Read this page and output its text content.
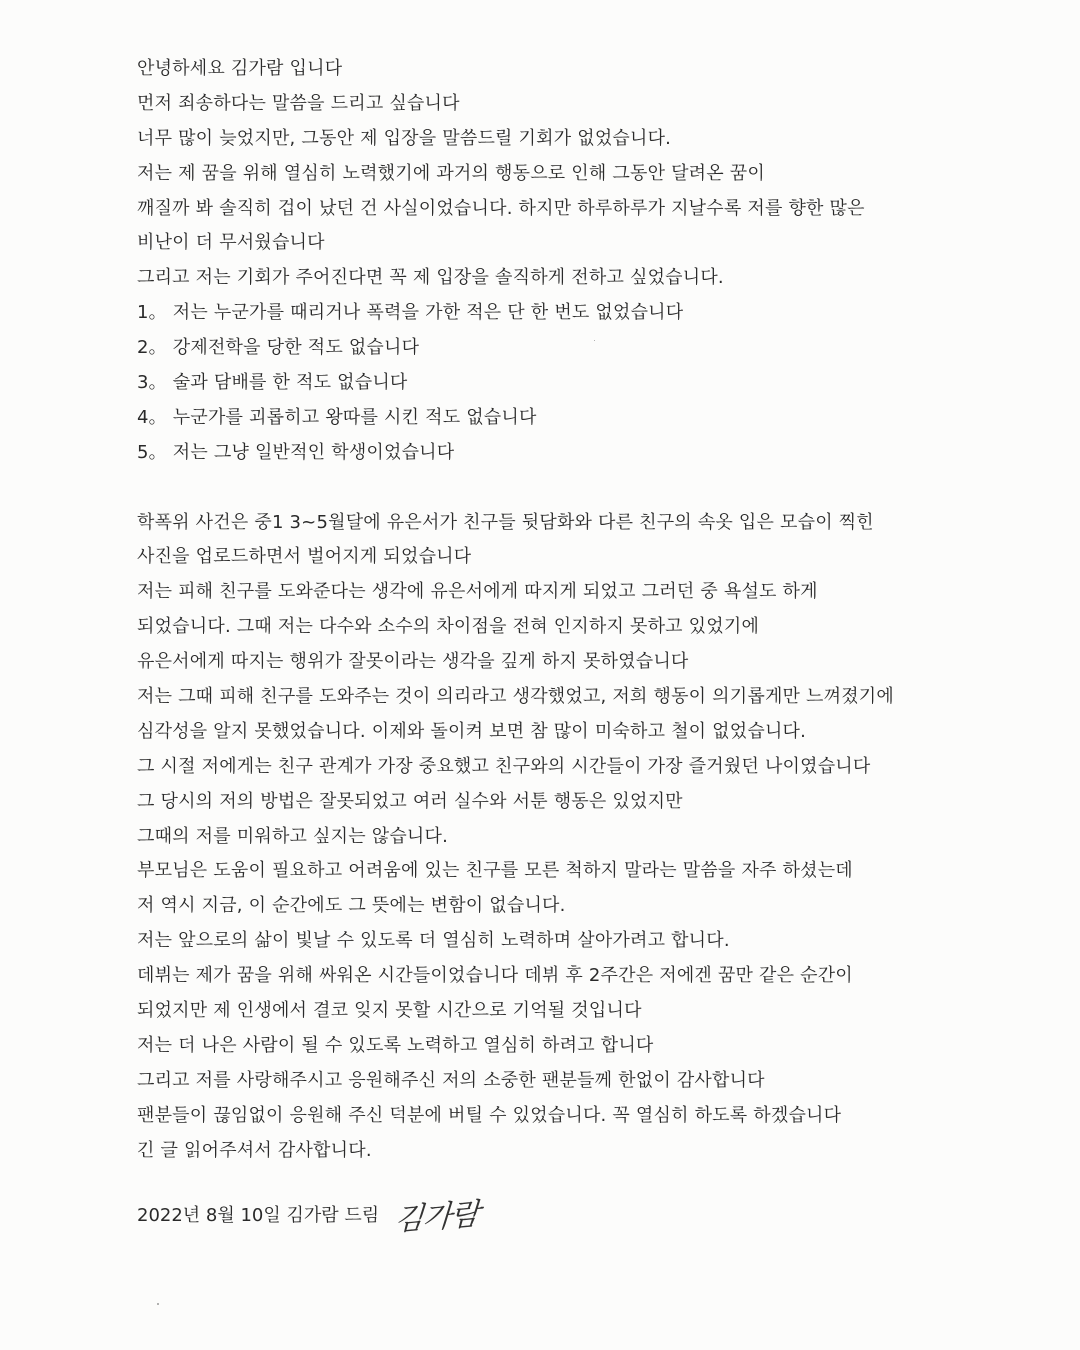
안녕하세요 김가람 입니다
먼저 죄송하다는 말씀을 드리고 싶습니다
너무 많이 늦었지만, 그동안 제 입장을 말씀드릴 기회가 없었습니다.
저는 제 꿈을 위해 열심히 노력했기에 과거의 행동으로 인해 그동안 달려온 꿈이
깨질까 봐 솔직히 겁이 났던 건 사실이었습니다. 하지만 하루하루가 지날수록 저를 향한 많은
비난이 더 무서웠습니다
그리고 저는 기회가 주어진다면 꼭 제 입장을 솔직하게 전하고 싶었습니다.
1。 저는 누군가를 때리거나 폭력을 가한 적은 단 한 번도 없었습니다
2。 강제전학을 당한 적도 없습니다
3。 술과 담배를 한 적도 없습니다
4。 누군가를 괴롭히고 왕따를 시킨 적도 없습니다
5。 저는 그냥 일반적인 학생이었습니다
학폭위 사건은 중1 3~5월달에 유은서가 친구들 뒷담화와 다른 친구의 속옷 입은 모습이 찍힌
사진을 업로드하면서 벌어지게 되었습니다
저는 피해 친구를 도와준다는 생각에 유은서에게 따지게 되었고 그러던 중 욕설도 하게
되었습니다. 그때 저는 다수와 소수의 차이점을 전혀 인지하지 못하고 있었기에
유은서에게 따지는 행위가 잘못이라는 생각을 깊게 하지 못하였습니다
저는 그때 피해 친구를 도와주는 것이 의리라고 생각했었고, 저희 행동이 의기롭게만 느껴졌기에
심각성을 알지 못했었습니다. 이제와 돌이켜 보면 참 많이 미숙하고 철이 없었습니다.
그 시절 저에게는 친구 관계가 가장 중요했고 친구와의 시간들이 가장 즐거웠던 나이였습니다
그 당시의 저의 방법은 잘못되었고 여러 실수와 서툰 행동은 있었지만
그때의 저를 미워하고 싶지는 않습니다.
부모님은 도움이 필요하고 어려움에 있는 친구를 모른 척하지 말라는 말씀을 자주 하셨는데
저 역시 지금, 이 순간에도 그 뜻에는 변함이 없습니다.
저는 앞으로의 삶이 빛날 수 있도록 더 열심히 노력하며 살아가려고 합니다.
데뷔는 제가 꿈을 위해 싸워온 시간들이었습니다 데뷔 후 2주간은 저에겐 꿈만 같은 순간이
되었지만 제 인생에서 결코 잊지 못할 시간으로 기억될 것입니다
저는 더 나은 사람이 될 수 있도록 노력하고 열심히 하려고 합니다
그리고 저를 사랑해주시고 응원해주신 저의 소중한 팬분들께 한없이 감사합니다
팬분들이 끊임없이 응원해 주신 덕분에 버틸 수 있었습니다. 꼭 열심히 하도록 하겠습니다
긴 글 읽어주셔서 감사합니다.
2022년 8월 10일 김가람 드림 김가람
